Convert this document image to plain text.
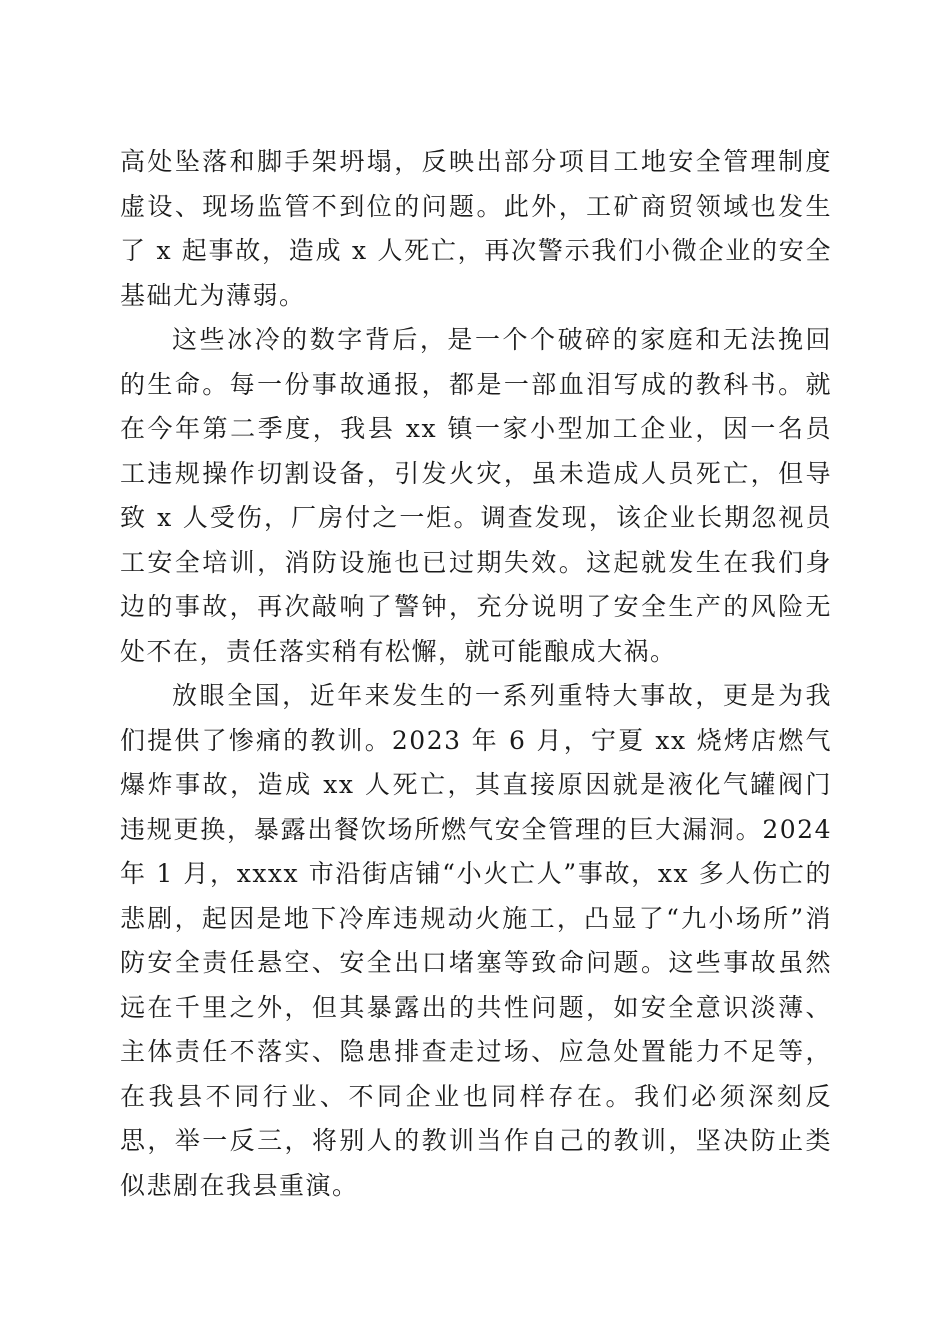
高处坠落和脚手架坍塌，反映出部分项目工地安全管理制度虚设、现场监管不到位的问题。此外，工矿商贸领域也发生了 x 起事故，造成 x 人死亡，再次警示我们小微企业的安全基础尤为薄弱。

这些冰冷的数字背后，是一个个破碎的家庭和无法挽回的生命。每一份事故通报，都是一部血泪写成的教科书。就在今年第二季度，我县 xx 镇一家小型加工企业，因一名员工违规操作切割设备，引发火灾，虽未造成人员死亡，但导致 x 人受伤，厂房付之一炬。调查发现，该企业长期忽视员工安全培训，消防设施也已过期失效。这起就发生在我们身边的事故，再次敲响了警钟，充分说明了安全生产的风险无处不在，责任落实稍有松懈，就可能酿成大祸。

放眼全国，近年来发生的一系列重特大事故，更是为我们提供了惨痛的教训。2023 年 6 月，宁夏 xx 烧烤店燃气爆炸事故，造成 xx 人死亡，其直接原因就是液化气罐阀门违规更换，暴露出餐饮场所燃气安全管理的巨大漏洞。2024 年 1 月，xxxx 市沿街店铺“小火亡人”事故，xx 多人伤亡的悲剧，起因是地下冷库违规动火施工，凸显了“九小场所”消防安全责任悬空、安全出口堵塞等致命问题。这些事故虽然远在千里之外，但其暴露出的共性问题，如安全意识淡薄、主体责任不落实、隐患排查走过场、应急处置能力不足等，在我县不同行业、不同企业也同样存在。我们必须深刻反思，举一反三，将别人的教训当作自己的教训，坚决防止类似悲剧在我县重演。
